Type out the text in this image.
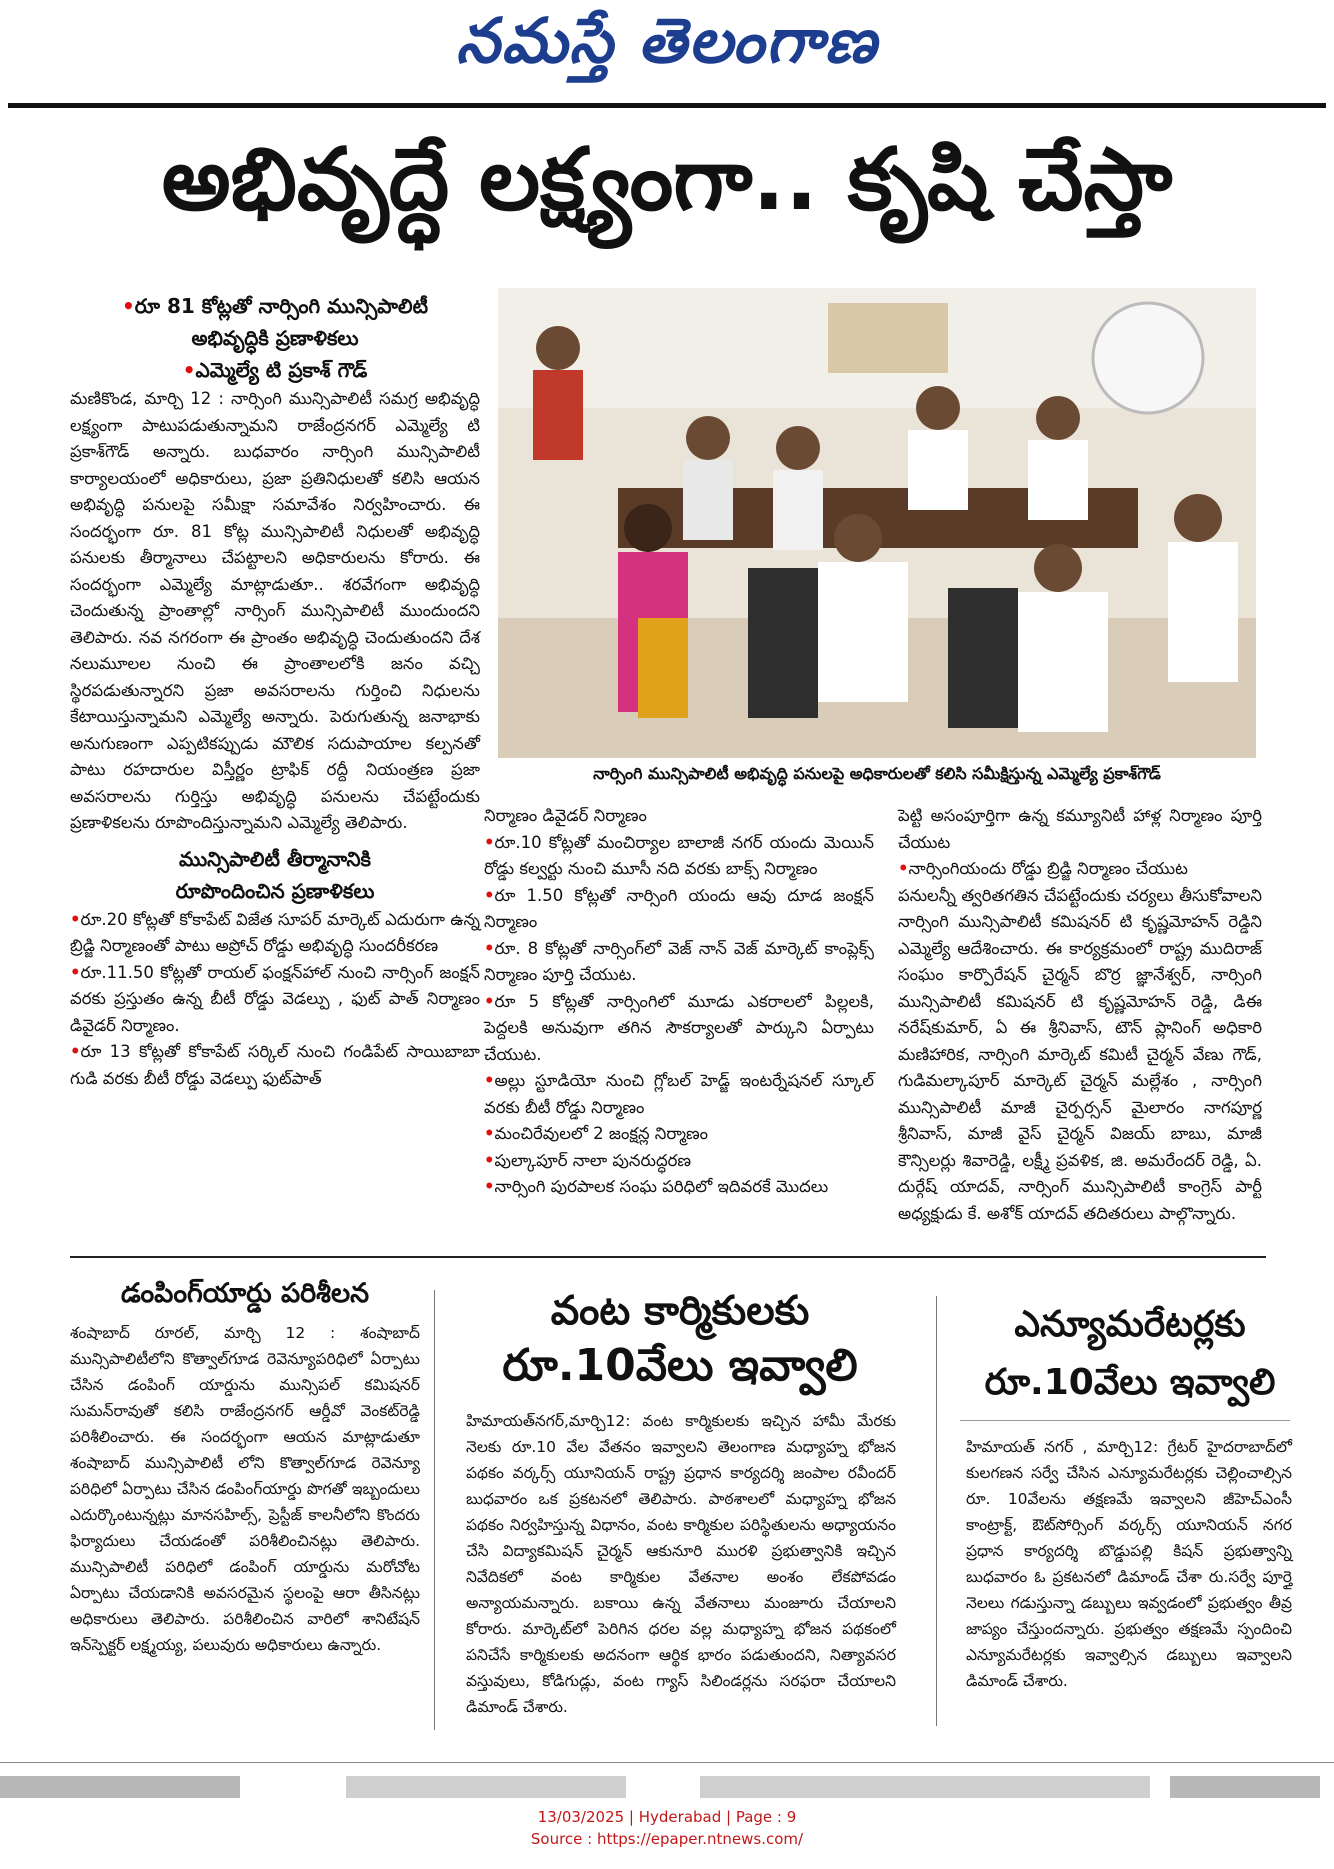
నమస్తే తెలంగాణ
అభివృద్ధే లక్ష్యంగా.. కృషి చేస్తా
•రూ 81 కోట్లతో నార్సింగి మున్సిపాలిటీ
అభివృద్ధికి ప్రణాళికలు
•ఎమ్మెల్యే టి ప్రకాశ్ గౌడ్
మణికొండ, మార్చి 12 : నార్సింగి మున్సిపాలిటీ సమగ్ర అభివృద్ధి లక్ష్యంగా పాటుపడుతున్నామని రాజేంద్రనగర్ ఎమ్మెల్యే టి ప్రకాశ్‌గౌడ్ అన్నారు. బుధవారం నార్సింగి మున్సిపాలిటీ కార్యాలయంలో అధికారులు, ప్రజా ప్రతినిధులతో కలిసి ఆయన అభివృద్ధి పనులపై సమీక్షా సమావేశం నిర్వహించారు. ఈ సందర్భంగా రూ. 81 కోట్ల మున్సిపాలిటీ నిధులతో అభివృద్ధి పనులకు తీర్మానాలు చేపట్టాలని అధికారులను కోరారు. ఈ సందర్భంగా ఎమ్మెల్యే మాట్లాడుతూ.. శరవేగంగా అభివృద్ధి చెందుతున్న ప్రాంతాల్లో నార్సింగ్ మున్సిపాలిటీ ముందుందని తెలిపారు. నవ నగరంగా ఈ ప్రాంతం అభివృద్ధి చెందుతుందని దేశ నలుమూలల నుంచి ఈ ప్రాంతాలలోకి జనం వచ్చి స్థిరపడుతున్నారని ప్రజా అవసరాలను గుర్తించి నిధులను కేటాయిస్తున్నామని ఎమ్మెల్యే అన్నారు. పెరుగుతున్న జనాభాకు అనుగుణంగా ఎప్పటికప్పుడు మౌలిక సదుపాయాల కల్పనతో పాటు రహదారుల విస్తీర్ణం ట్రాఫిక్ రద్దీ నియంత్రణ ప్రజా అవసరాలను గుర్తిస్తు అభివృద్ధి పనులను చేపట్టేందుకు ప్రణాళికలను రూపొందిస్తున్నామని ఎమ్మెల్యే తెలిపారు.
మున్సిపాలిటీ తీర్మానానికి
రూపొందించిన ప్రణాళికలు
•రూ.20 కోట్లతో కోకాపేట్ విజేత సూపర్ మార్కెట్ ఎదురుగా ఉన్న బ్రిడ్జి నిర్మాణంతో పాటు అప్రోచ్ రోడ్డు అభివృద్ధి సుందరీకరణ
•రూ.11.50 కోట్లతో రాయల్ ఫంక్షన్‌హాల్ నుంచి నార్సింగ్ జంక్షన్ వరకు ప్రస్తుతం ఉన్న బీటీ రోడ్డు వెడల్పు , ఫుట్ పాత్ నిర్మాణం డివైడర్ నిర్మాణం.
•రూ 13 కోట్లతో కోకాపేట్ సర్కిల్ నుంచి గండిపేట్ సాయిబాబా గుడి వరకు బీటీ రోడ్డు వెడల్పు ఫుట్‌పాత్
నార్సింగి మున్సిపాలిటీ అభివృద్ధి పనులపై అధికారులతో కలిసి సమీక్షిస్తున్న ఎమ్మెల్యే ప్రకాశ్‌గౌడ్
నిర్మాణం డివైడర్ నిర్మాణం
•రూ.10 కోట్లతో మంచిర్యాల బాలాజీ నగర్ యందు మెయిన్ రోడ్డు కల్వర్టు నుంచి మూసీ నది వరకు బాక్స్ నిర్మాణం
•రూ 1.50 కోట్లతో నార్సింగి యందు ఆవు దూడ జంక్షన్ నిర్మాణం
•రూ. 8 కోట్లతో నార్సింగ్‌లో వెజ్ నాన్ వెజ్ మార్కెట్ కాంప్లెక్స్ నిర్మాణం పూర్తి చేయుట.
•రూ 5 కోట్లతో నార్సింగిలో మూడు ఎకరాలలో పిల్లలకి, పెద్దలకి అనువుగా తగిన సౌకర్యాలతో పార్కుని ఏర్పాటు చేయుట.
•అల్లు స్టూడియో నుంచి గ్లోబల్ హెడ్జ్ ఇంటర్నేషనల్ స్కూల్ వరకు బీటీ రోడ్డు నిర్మాణం
•మంచిరేవులలో 2 జంక్షన్ల నిర్మాణం
•పుల్కాపూర్ నాలా పునరుద్ధరణ
•నార్సింగి పురపాలక సంఘ పరిధిలో ఇదివరకే మొదలు
పెట్టి అసంపూర్తిగా ఉన్న కమ్యూనిటీ హాళ్ల నిర్మాణం పూర్తి చేయుట
•నార్సింగియందు రోడ్డు బ్రిడ్జి నిర్మాణం చేయుట
పనులన్నీ త్వరితగతిన చేపట్టేందుకు చర్యలు తీసుకోవాలని నార్సింగి మున్సిపాలిటీ కమిషనర్ టి కృష్ణమోహన్ రెడ్డిని ఎమ్మెల్యే ఆదేశించారు. ఈ కార్యక్రమంలో రాష్ట్ర ముదిరాజ్ సంఘం కార్పొరేషన్ చైర్మన్ బొర్ర జ్ఞానేశ్వర్, నార్సింగి మున్సిపాలిటీ కమిషనర్ టి కృష్ణమోహన్ రెడ్డి, డిఈ నరేష్‌కుమార్, ఏ ఈ శ్రీనివాస్, టౌన్ ప్లానింగ్ అధికారి మణిహారిక, నార్సింగి మార్కెట్ కమిటీ చైర్మన్ వేణు గౌడ్, గుడిమల్కాపూర్ మార్కెట్ చైర్మన్ మల్లేశం , నార్సింగి మున్సిపాలిటీ మాజీ చైర్పర్సన్ మైలారం నాగపూర్ణ శ్రీనివాస్, మాజీ వైస్ చైర్మన్ విజయ్ బాబు, మాజీ కౌన్సిలర్లు శివారెడ్డి, లక్ష్మీ ప్రవళిక, జి. అమరేందర్ రెడ్డి, ఏ. దుర్గేష్ యాదవ్, నార్సింగ్ మున్సిపాలిటీ కాంగ్రెస్ పార్టీ అధ్యక్షుడు కే. అశోక్ యాదవ్ తదితరులు పాల్గొన్నారు.
డంపింగ్‌యార్డు పరిశీలన
శంషాబాద్ రూరల్, మార్చి 12 : శంషాబాద్ మున్సిపాలిటీలోని కొత్వాల్‌గూడ రెవెన్యూపరిధిలో ఏర్పాటు చేసిన డంపింగ్ యార్డును మున్సిపల్ కమిషనర్ సుమన్‌రావుతో కలిసి రాజేంద్రనగర్ ఆర్డీవో వెంకట్‌రెడ్డి పరిశీలించారు. ఈ సందర్భంగా ఆయన మాట్లాడుతూ శంషాబాద్ మున్సిపాలిటీ లోని కొత్వాల్‌గూడ రెవెన్యూ పరిధిలో ఏర్పాటు చేసిన డంపింగ్‌యార్డు పొగతో ఇబ్బందులు ఎదుర్కొంటున్నట్లు మానస‌హిల్స్, ప్రెస్టీజ్ కాలనీలోని కొందరు ఫిర్యాదులు చేయడంతో పరిశీలించినట్లు తెలిపారు. మున్సిపాలిటీ పరిధిలో డంపింగ్ యార్డును మరోచోట ఏర్పాటు చేయడానికి అవసరమైన స్థలంపై ఆరా తీసినట్లు అధికారులు తెలిపారు. పరిశీలించిన వారిలో శానిటేషన్ ఇన్‌స్పెక్టర్ లక్ష్మయ్య, పలువురు అధికారులు ఉన్నారు.
వంట కార్మికులకు
రూ.10వేలు ఇవ్వాలి
హిమాయత్‌నగర్,మార్చి12: వంట కార్మికులకు ఇచ్చిన హామీ మేరకు నెలకు రూ.10 వేల వేతనం ఇవ్వాలని తెలంగాణ మధ్యాహ్న భోజన పథకం వర్కర్స్ యూనియన్ రాష్ట్ర ప్రధాన కార్యదర్శి జంపాల రవీందర్ బుధవారం ఒక ప్రకటనలో తెలిపారు. పాఠశాలలో మధ్యాహ్న భోజన పథకం నిర్వహిస్తున్న విధానం, వంట కార్మికుల పరిస్థితులను అధ్యాయనం చేసి విద్యాకమిషన్ చైర్మన్ ఆకునూరి మురళి ప్రభుత్వానికి ఇచ్చిన నివేదికలో వంట కార్మికుల వేతనాల అంశం లేకపోవడం అన్యాయమన్నారు. బకాయి ఉన్న వేతనాలు మంజూరు చేయాలని కోరారు. మార్కెట్‌లో పెరిగిన ధరల వల్ల మధ్యాహ్న భోజన పథకంలో పనిచేసే కార్మికులకు అదనంగా ఆర్థిక భారం పడుతుందని, నిత్యావసర వస్తువులు, కోడిగుడ్లు, వంట గ్యాస్ సిలిండర్లను సరఫరా చేయాలని డిమాండ్ చేశారు.
ఎన్యూమరేటర్లకు
రూ.10వేలు ఇవ్వాలి
హిమాయత్ నగర్ , మార్చి12: గ్రేటర్ హైదరాబాద్‌లో కులగణన సర్వే చేసిన ఎన్యూమరేటర్లకు చెల్లించాల్సిన రూ. 10వేలను తక్షణమే ఇవ్వాలని జీహెచ్ఎంసీ కాంట్రాక్ట్, ఔట్‌సోర్సింగ్ వర్కర్స్ యూనియన్ నగర ప్రధాన కార్యదర్శి బొడ్డుపల్లి కిషన్ ప్రభుత్వాన్ని బుధవారం ఓ ప్రకటనలో డిమాండ్ చేశా రు.సర్వే పూర్తై నెలలు గడుస్తున్నా డబ్బులు ఇవ్వడంలో ప్రభుత్వం తీవ్ర జాప్యం చేస్తుందన్నారు. ప్రభుత్వం తక్షణమే స్పందించి ఎన్యూమరేటర్లకు ఇవ్వాల్సిన డబ్బులు ఇవ్వాలని డిమాండ్ చేశారు.
13/03/2025 | Hyderabad | Page : 9
Source : https://epaper.ntnews.com/
